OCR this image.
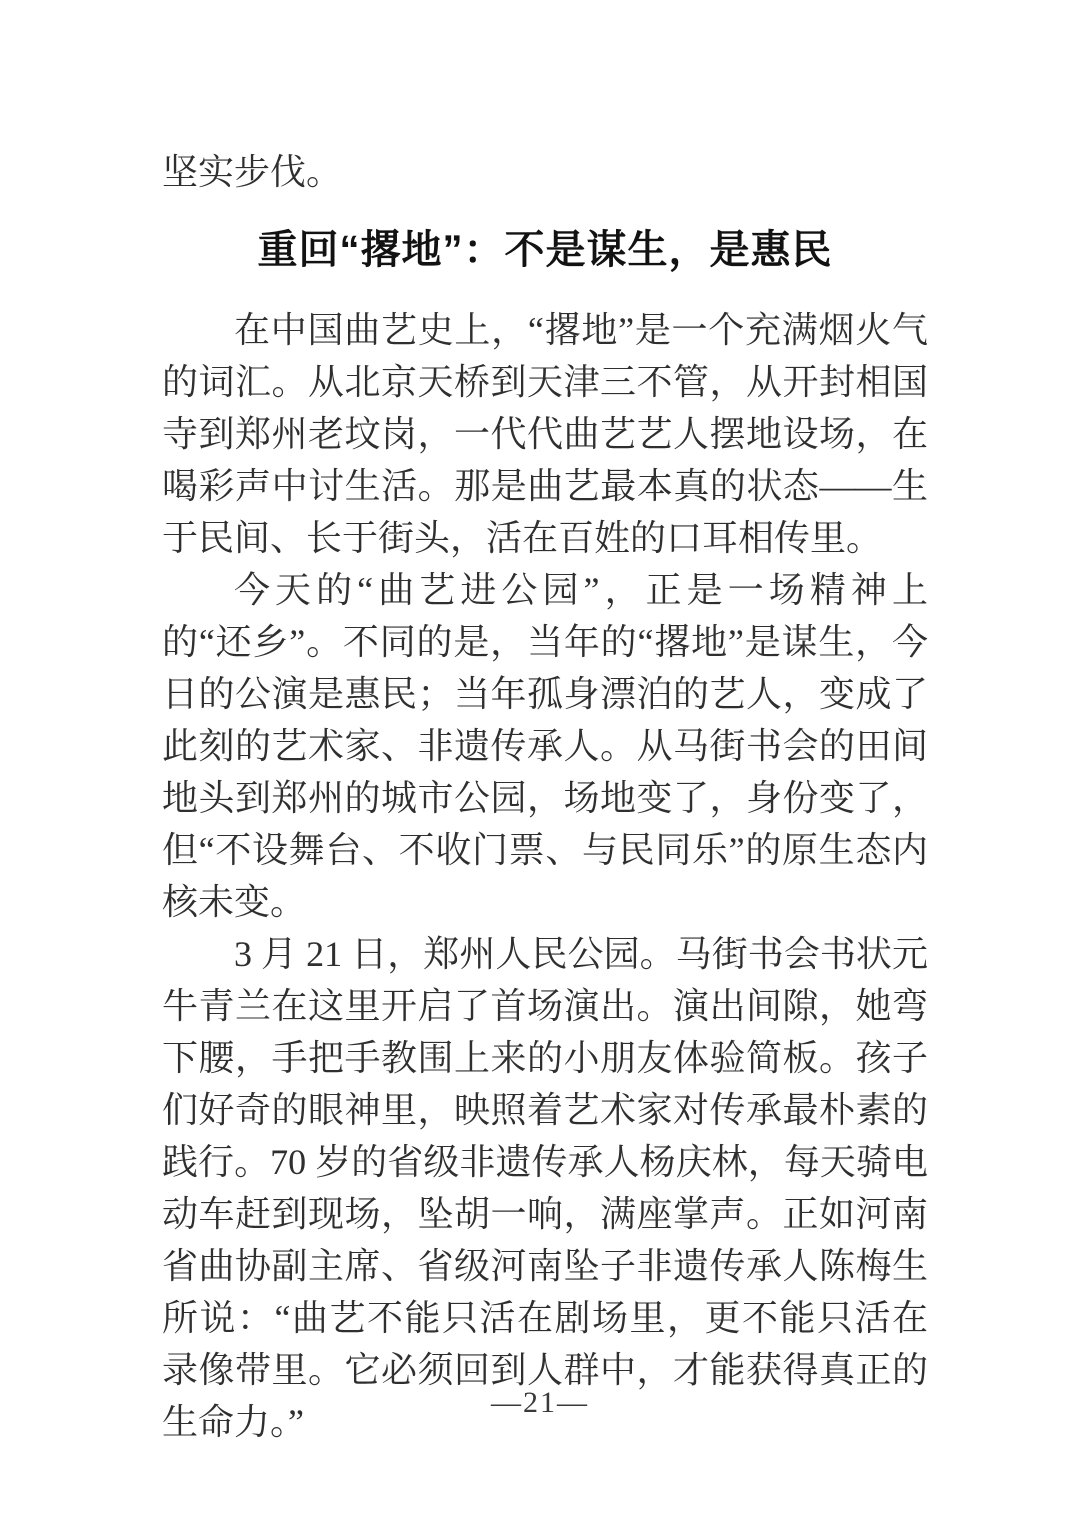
坚实步伐。

重回“撂地”：不是谋生，是惠民

在中国曲艺史上，“撂地”是一个充满烟火气的词汇。从北京天桥到天津三不管，从开封相国寺到郑州老坟岗，一代代曲艺艺人摆地设场，在喝彩声中讨生活。那是曲艺最本真的状态——生于民间、长于街头，活在百姓的口耳相传里。

今天的“曲艺进公园”，正是一场精神上的“还乡”。不同的是，当年的“撂地”是谋生，今日的公演是惠民；当年孤身漂泊的艺人，变成了此刻的艺术家、非遗传承人。从马街书会的田间地头到郑州的城市公园，场地变了，身份变了，但“不设舞台、不收门票、与民同乐”的原生态内核未变。

3 月 21 日，郑州人民公园。马街书会书状元牛青兰在这里开启了首场演出。演出间隙，她弯下腰，手把手教围上来的小朋友体验简板。孩子们好奇的眼神里，映照着艺术家对传承最朴素的践行。70 岁的省级非遗传承人杨庆林，每天骑电动车赶到现场，坠胡一响，满座掌声。正如河南省曲协副主席、省级河南坠子非遗传承人陈梅生所说：“曲艺不能只活在剧场里，更不能只活在录像带里。它必须回到人群中，才能获得真正的生命力。”	—21—
